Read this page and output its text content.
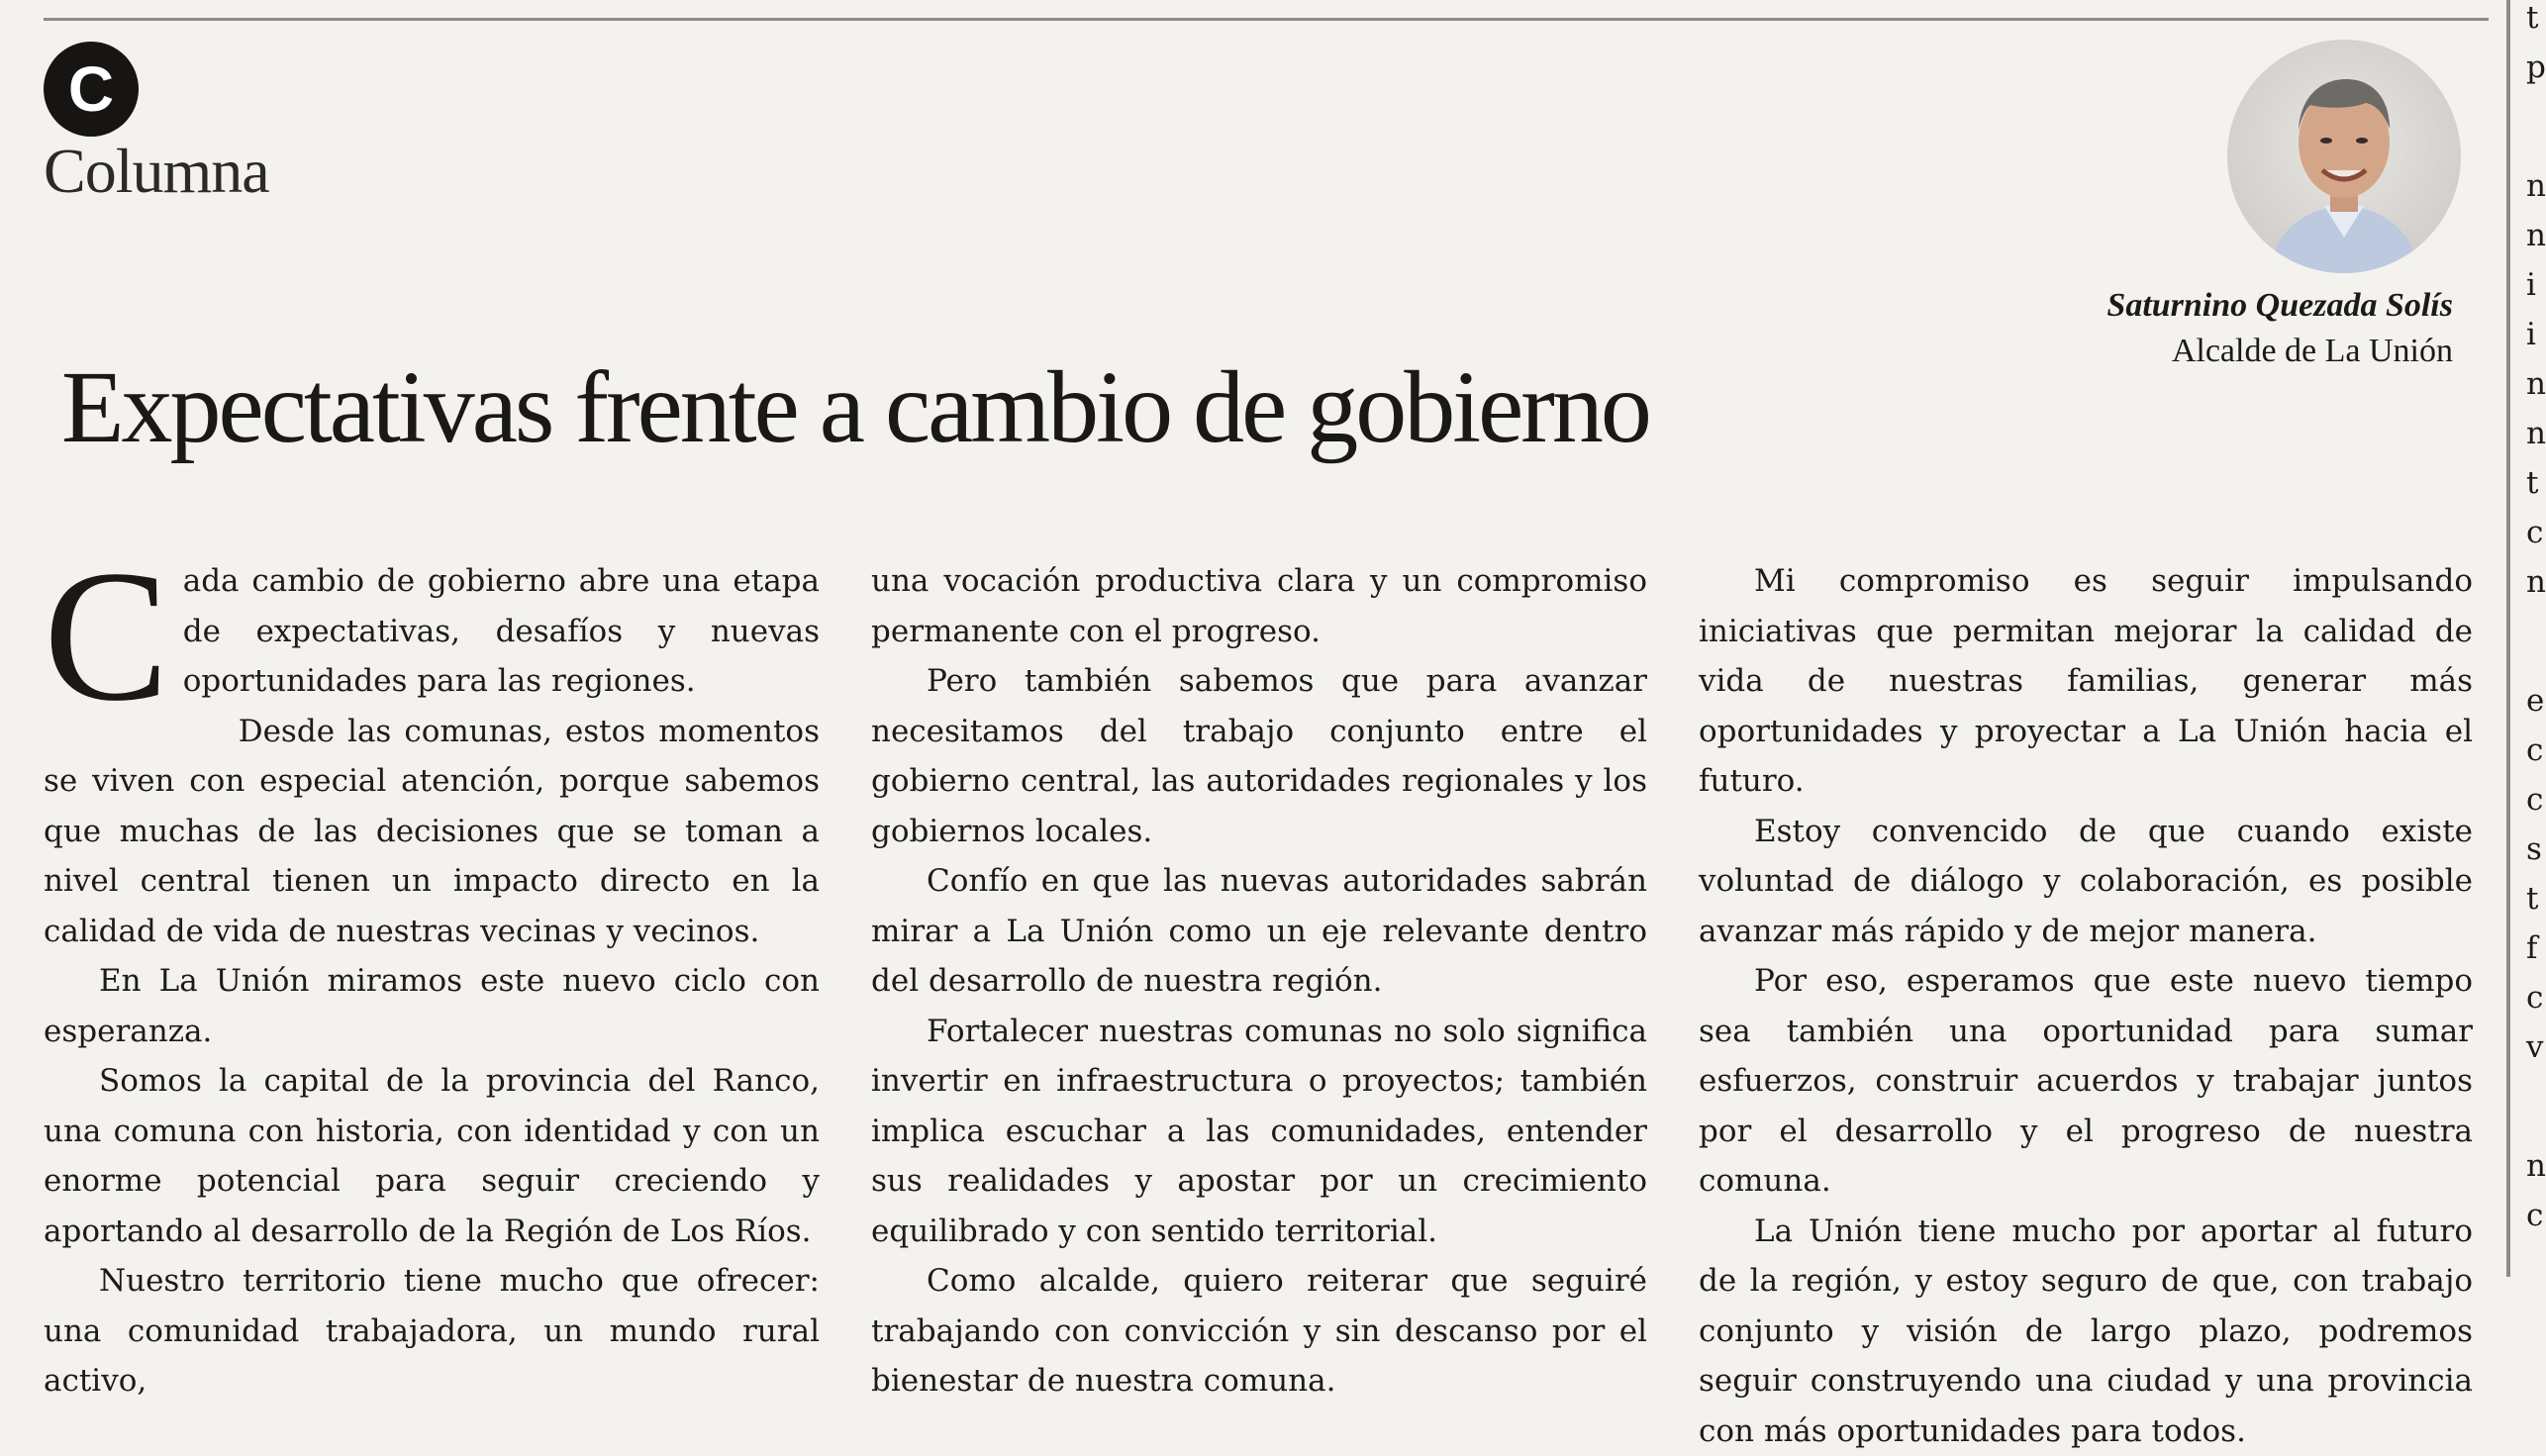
C
Columna
Saturnino Quezada Solís
Alcalde de La Unión
Expectativas frente a cambio de gobierno

Cada cambio de gobierno abre una etapa de expectativas, desafíos y nuevas oportunidades para las regiones.

Desde las comunas, estos momentos se viven con especial atención, porque sabemos que muchas de las decisiones que se toman a nivel central tienen un impacto directo en la calidad de vida de nuestras vecinas y vecinos.

En La Unión miramos este nuevo ciclo con esperanza.

Somos la capital de la provincia del Ranco, una comuna con historia, con identidad y con un enorme potencial para seguir creciendo y aportando al desarrollo de la Región de Los Ríos.

Nuestro territorio tiene mucho que ofrecer: una comunidad trabajadora, un mundo rural activo,

una vocación productiva clara y un compromiso permanente con el progreso.

Pero también sabemos que para avanzar necesitamos del trabajo conjunto entre el gobierno central, las autoridades regionales y los gobiernos locales.

Confío en que las nuevas autoridades sabrán mirar a La Unión como un eje relevante dentro del desarrollo de nuestra región.

Fortalecer nuestras comunas no solo significa invertir en infraestructura o proyectos; también implica escuchar a las comunidades, entender sus realidades y apostar por un crecimiento equilibrado y con sentido territorial.

Como alcalde, quiero reiterar que seguiré trabajando con convicción y sin descanso por el bienestar de nuestra comuna.

Mi compromiso es seguir impulsando iniciativas que permitan mejorar la calidad de vida de nuestras familias, generar más oportunidades y proyectar a La Unión hacia el futuro.

Estoy convencido de que cuando existe voluntad de diálogo y colaboración, es posible avanzar más rápido y de mejor manera.

Por eso, esperamos que este nuevo tiempo sea también una oportunidad para sumar esfuerzos, construir acuerdos y trabajar juntos por el desarrollo y el progreso de nuestra comuna.

La Unión tiene mucho por aportar al futuro de la región, y estoy seguro de que, con trabajo conjunto y visión de largo plazo, podremos seguir construyendo una ciudad y una provincia con más oportunidades para todos.

t
p
n
n
i
i
n
n
t
c
n
e
c
c
s
t
f
c
v
n
c
